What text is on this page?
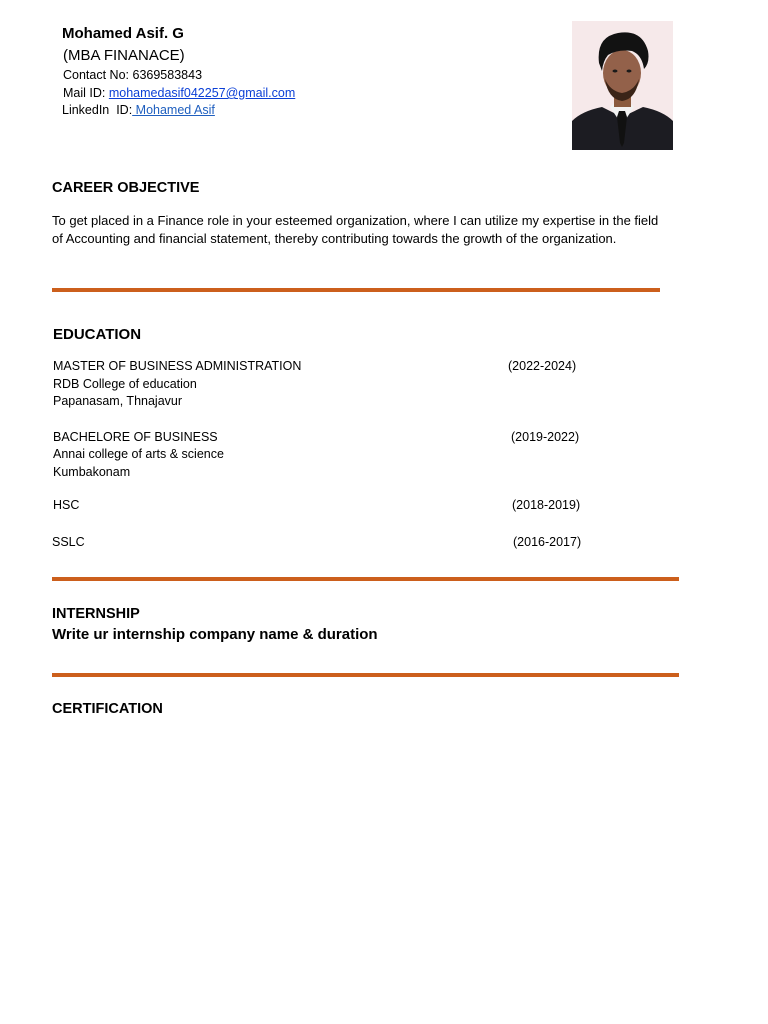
Mohamed Asif. G
(MBA FINANACE)
Contact No: 6369583843
Mail ID: mohamedasif042257@gmail.com
LinkedIn  ID: Mohamed Asif
CAREER OBJECTIVE
To get placed in a Finance role in your esteemed organization, where I can utilize my expertise in the field of Accounting and financial statement, thereby contributing towards the growth of the organization.
EDUCATION
MASTER OF BUSINESS ADMINISTRATION	(2022-2024)
RDB College of education
Papanasam, Thnajavur
BACHELORE OF BUSINESS	(2019-2022)
Annai college of arts & science
Kumbakonam
HSC	(2018-2019)
SSLC	(2016-2017)
INTERNSHIP
Write ur internship company name & duration
CERTIFICATION
